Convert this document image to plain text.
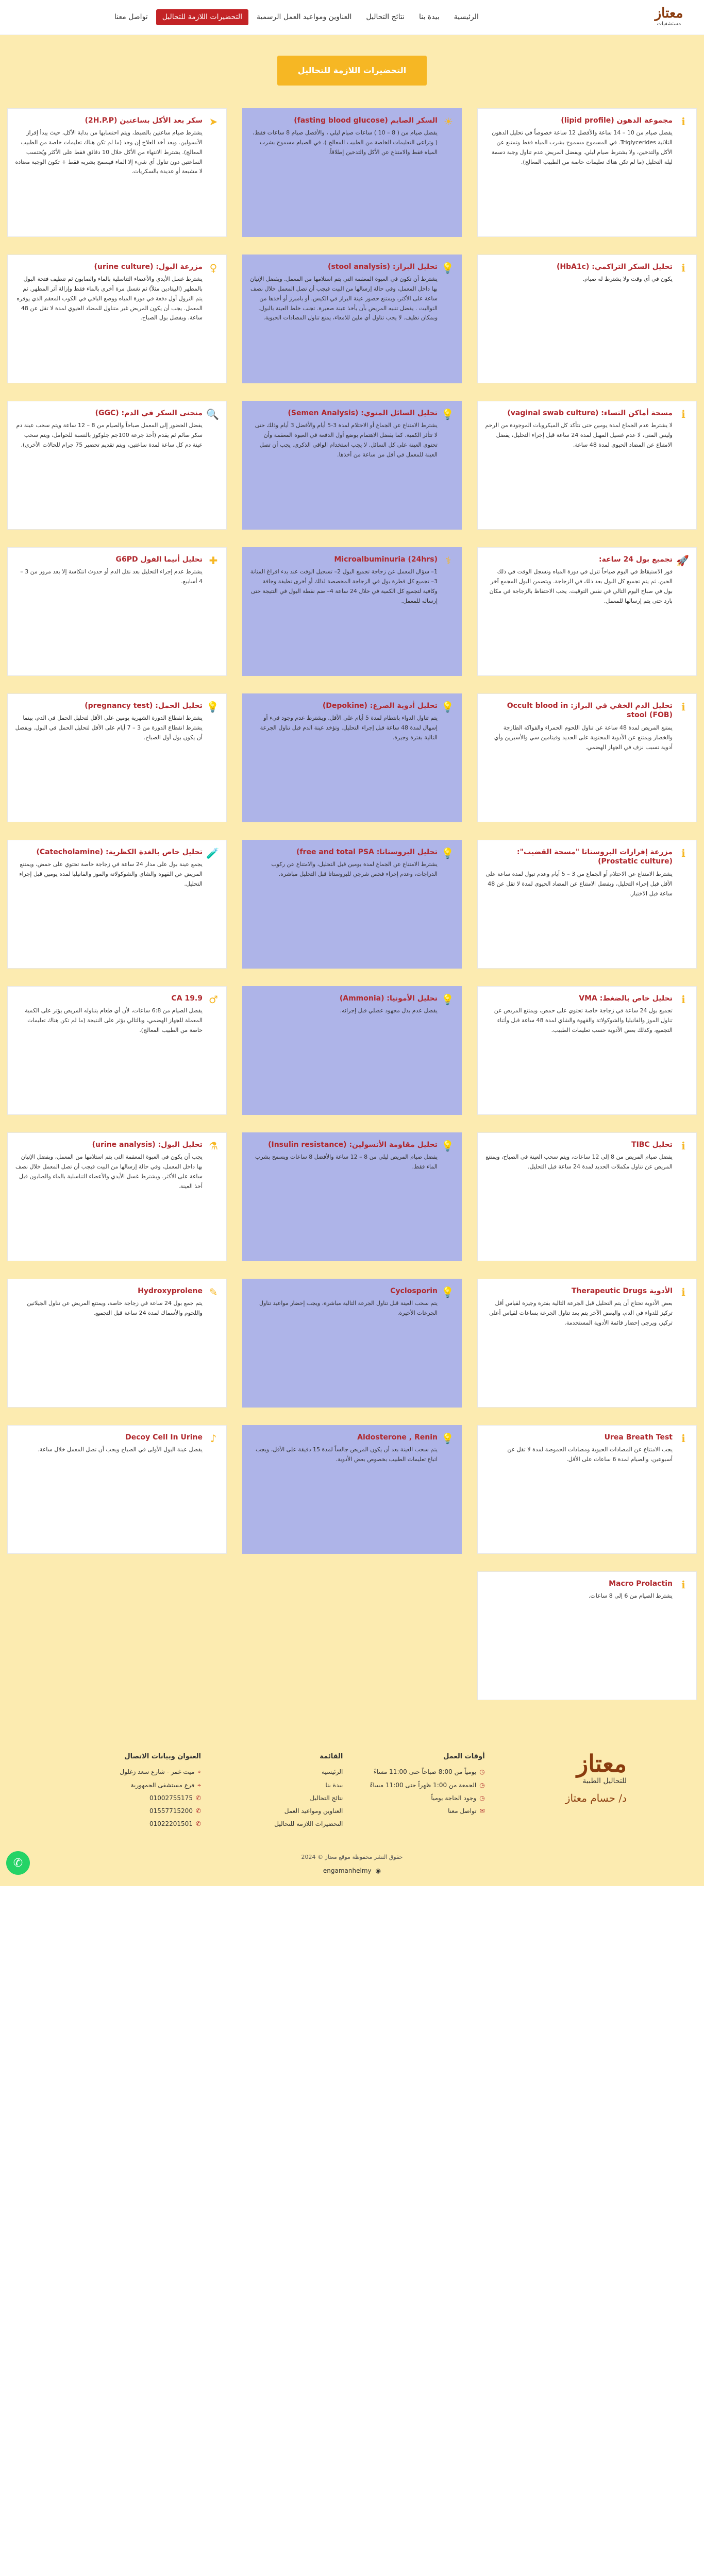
معتاز
مستشفيات
الرئيسية
بيدة بنا
نتائج التحاليل
العناوين ومواعيد العمل الرسمية
التحضيرات اللازمة للتحاليل
تواصل معنا
التحضيرات اللازمة للتحاليل
ℹ
مجموعة الدهون (lipid profile)
يفضل صيام من 10 – 14 ساعة والأفضل 12 ساعة خصوصاً في تحليل الدهون الثلاثية Triglycerides. في المسموح مسموح بشرب المياه فقط وتمتنع عن الأكل والتدخين، ولا يشترط صيام ليلي. ويفضل المريض عدم تناول وجبة دسمة ليلة التحليل (ما لم تكن هناك تعليمات خاصة من الطبيب المعالج).
☀
السكر الصايم (fasting blood glucose)
يفضل صيام من ( 8 – 10 ) ساعات صيام ليلي ، والأفضل صيام 8 ساعات فقط، ( وتراعى التعليمات الخاصة من الطبيب المعالج ). في الصيام مسموح بشرب المياه فقط والامتناع عن الأكل والتدخين إطلاقاً.
➤
سكر بعد الأكل بساعتين (2H.P.P)
يشترط صيام ساعتين بالضبط، ويتم احتسابها من بداية الأكل، حيث يبدأ إفراز الأنسولين. ويعد أخذ العلاج إن وجد (ما لم تكن هناك تعليمات خاصة من الطبيب المعالج). يشترط الانتهاء من الأكل خلال 10 دقائق فقط على الأكثر ويُحتسب الساعتين دون تناول أي شيء إلا الماء فيسمح بشربه فقط + تكون الوجبة معتادة لا مشبعة أو عديدة بالسكريات.
ℹ
تحليل السكر التراكمي: (HbA1c)
يكون في أي وقت ولا يشترط له صيام.
💡
تحليل البراز: (stool analysis)
يشترط أن تكون في العبوة المعقمة التي يتم استلامها من المعمل. ويفضل الإتيان بها داخل المعمل، وفي حالة إرسالها من البيت فيجب أن تصل المعمل خلال نصف ساعة على الأكثر، ويمتنع حضور عينة البراز في الكيس. أو بامبرز أو أخذها من التواليت . يفضل تنبيه المريض بأن يأخذ عينة صغيرة. تجنب خلط العينة بالبول. وبمكان نظيف. لا يجب تناول أي ملين للامعاء، يمنع تناول المضادات الحيوية.
♀
مزرعة البول: (urine culture)
يشترط غسل الأيدي والأعضاء التناسلية بالماء والصابون ثم تنظيف فتحة البول بالمطهر (البيتادين مثلاً) ثم تغسل مرة أخرى بالماء فقط وإزالة أثر المطهر. ثم يتم النزول أول دفعة في دورة المياه ووضع الباقي في الكوب المعقم الذي يوفره المعمل. يجب أن يكون المريض غير متناول للمضاد الحيوي لمدة لا تقل عن 48 ساعة. ويفضل بول الصباح.
ℹ
مسحة أماكن التساء: (vaginal swab culture)
لا يشترط عدم الجماع لمدة يومين حتى تتأكد كل الميكروبات الموجودة من الرحم وليس المنى، لا عدم غسيل المهبل لمدة 24 ساعة قبل إجراء التحليل، يفضل الامتناع عن المضاد الحيوي لمدة 48 ساعة.
💡
تحليل السائل المنوي: (Semen Analysis)
يشترط الامتناع عن الجماع أو الاحتلام لمدة 3-5 أيام والأفضل 3 أيام وذلك حتى لا تتأثر الكمية. كما يفضل الاهتمام بوضع أول الدفعة في العبوة المعقمة وأن تحتوي العينة على كل السائل. لا يجب استخدام الواقي الذكري. يجب أن تصل العينة للمعمل في أقل من ساعة من أخذها.
🔍
منحنى السكر في الدم: (GGC)
يفضل الحضور إلى المعمل صباحاً والصيام من 8 – 12 ساعة ويتم سحب عينة دم سكر صائم ثم يقدم (أخذ جرعة 100جم جلوكوز بالنسبة للحوامل، ويتم سحب عينة دم كل ساعة لمدة ساعتين، ويتم تقديم تحضير 75 جرام للحالات الأخرى).
🚀
تجميع بول 24 ساعة:
فور الاستيقاظ في اليوم صباحاً تنزل في دورة المياه ونسجل الوقت في ذلك الحين. ثم يتم تجميع كل البول بعد ذلك في الزجاجة. ويتضمن البول المجمع آخر بول في صباح اليوم التالي في نفس التوقيت. يجب الاحتفاظ بالزجاجة في مكان بارد حتى يتم إرسالها للمعمل.
⚕
Microalbuminuria (24hrs)
1– سؤال المعمل عن زجاجة تجميع البول 2– تسجيل الوقت عند بدء افراغ المثانة 3– تجميع كل قطرة بول في الزجاجة المخصصة لذلك أو أخرى نظيفة وجافة وكافية لتجميع كل الكمية في خلال 24 ساعة 4– ضم نقطة البول في النتيجة حتى إرساله للمعمل.
✚
تحليل أنيما الفول G6PD
يشترط عدم إجراء التحليل بعد نقل الدم أو حدوث انتكاسة إلا بعد مرور من 3 – 4 أسابيع.
ℹ
تحليل الدم الخفي في البراز: Occult blood in stool (FOB)
يمتنع المريض لمدة 48 ساعة عن تناول اللحوم الحمراء والفواكه الطازجة والخضار ويمتنع عن الأدوية المحتوية على الحديد وفيتامين سي والأسبرين وأي أدوية تسبب نزف في الجهاز الهضمي.
💡
تحليل أدوية الصرع: (Depokine)
يتم تناول الدواء بانتظام لمدة 5 أيام على الأقل. ويشترط عدم وجود قيء أو إسهال لمدة 48 ساعة قبل إجراء التحليل. وتؤخذ عينة الدم قبل تناول الجرعة التالية بفترة وجيزة.
💡
تحليل الحمل: (pregnancy test)
يشترط انقطاع الدورة الشهرية يومين على الأقل لتحليل الحمل في الدم، بينما يشترط انقطاع الدورة من 3 – 7 أيام على الأقل لتحليل الحمل في البول. ويفضل أن يكون بول أول الصباح.
ℹ
مزرعة إفرازات البروستاتا "مسحة القضيب": (Prostatic culture)
يشترط الامتناع عن الاحتلام أو الجماع من 3 – 5 أيام وعدم تبول لمدة ساعة على الأقل قبل إجراء التحليل، ويفضل الامتناع عن المضاد الحيوي لمدة لا تقل عن 48 ساعة قبل الاختبار.
💡
تحليل البروستاتا: free and total PSA)
يشترط الامتناع عن الجماع لمدة يومين قبل التحليل، والامتناع عن ركوب الدراجات، وعدم إجراء فحص شرجي للبروستاتا قبل التحليل مباشرة.
🧪
تحليل خاص بالغدة الكظرية: (Catecholamine)
يجمع عينة بول على مدار 24 ساعة في زجاجة خاصة تحتوي على حمض، ويمتنع المريض عن القهوة والشاي والشوكولاتة والموز والفانيليا لمدة يومين قبل إجراء التحليل.
ℹ
تحليل خاص بالضغط: VMA
تجميع بول 24 ساعة في زجاجة خاصة تحتوي على حمض، ويمتنع المريض عن تناول الموز والفانيليا والشوكولاتة والقهوة والشاي لمدة 48 ساعة قبل وأثناء التجميع، وكذلك بعض الأدوية حسب تعليمات الطبيب.
💡
تحليل الأمونيا: (Ammonia)
يفضل عدم بذل مجهود عضلي قبل إجرائه.
♂
CA 19.9
يفضل الصيام من 6:8 ساعات، لأن أي طعام يتناوله المريض يؤثر على الكمية المعملة للجهاز الهضمي، وبالتالي يؤثر على النتيجة (ما لم تكن هناك تعليمات خاصة من الطبيب المعالج).
ℹ
تحليل TIBC
يفضل صيام المريض من 8 إلى 12 ساعات، ويتم سحب العينة في الصباح، ويمتنع المريض عن تناول مكملات الحديد لمدة 24 ساعة قبل التحليل.
💡
تحليل مقاومة الأنسولين: (Insulin resistance)
يفضل صيام المريض ليلي من 8 – 12 ساعة والأفضل 8 ساعات ويسمح بشرب الماء فقط.
⚗
تحليل البول: (urine analysis)
يجب أن يكون في العبوة المعقمة التي يتم استلامها من المعمل، ويفضل الإتيان بها داخل المعمل، وفي حالة إرسالها من البيت فيجب أن تصل المعمل خلال نصف ساعة على الأكثر. ويشترط غسل الأيدي والأعضاء التناسلية بالماء والصابون قبل أخذ العينة.
ℹ
الأدوية Therapeutic Drugs
بعض الأدوية تحتاج أن يتم التحليل قبل الجرعة التالية بفترة وجيزة لقياس أقل تركيز للدواء في الدم، والبعض الآخر يتم بعد تناول الجرعة بساعات لقياس أعلى تركيز، ويرجى إحضار قائمة الأدوية المستخدمة.
💡
Cyclosporin
يتم سحب العينة قبل تناول الجرعة التالية مباشرة، ويجب إحضار مواعيد تناول الجرعات الأخيرة.
✎
Hydroxyprolene
يتم جمع بول 24 ساعة في زجاجة خاصة، ويمتنع المريض عن تناول الجيلاتين واللحوم والأسماك لمدة 24 ساعة قبل التجميع.
ℹ
Urea Breath Test
يجب الامتناع عن المضادات الحيوية ومضادات الحموضة لمدة لا تقل عن أسبوعين، والصيام لمدة 6 ساعات على الأقل.
💡
Aldosterone , Renin
يتم سحب العينة بعد أن يكون المريض جالساً لمدة 15 دقيقة على الأقل، ويجب اتباع تعليمات الطبيب بخصوص بعض الأدوية.
♪
Decoy Cell In Urine
يفضل عينة البول الأولى في الصباح ويجب أن تصل المعمل خلال ساعة.
ℹ
Macro Prolactin
يشترط الصيام من 6 إلى 8 ساعات.
معتاز
للتحاليل الطبية
د/ حسام معتاز
أوقات العمل
◷
يومياً من 8:00 صباحاً حتى 11:00 مساءً
◷
الجمعة من 1:00 ظهراً حتى 11:00 مساءً
◷
وجود الحاجة يومياً
✉
تواصل معنا
القائمة
الرئيسية
بيدة بنا
نتائج التحاليل
العناوين ومواعيد العمل
التحضيرات اللازمة للتحاليل
العنوان وبيانات الاتصال
⌖
ميت غمر - شارع سعد زغلول
⌖
فرع مستشفى الجمهورية
✆
01002755175
✆
01557715200
✆
01022201501
حقوق النشر محفوظة موقع معتاز © 2024
◉
engamanhelmy
✆
